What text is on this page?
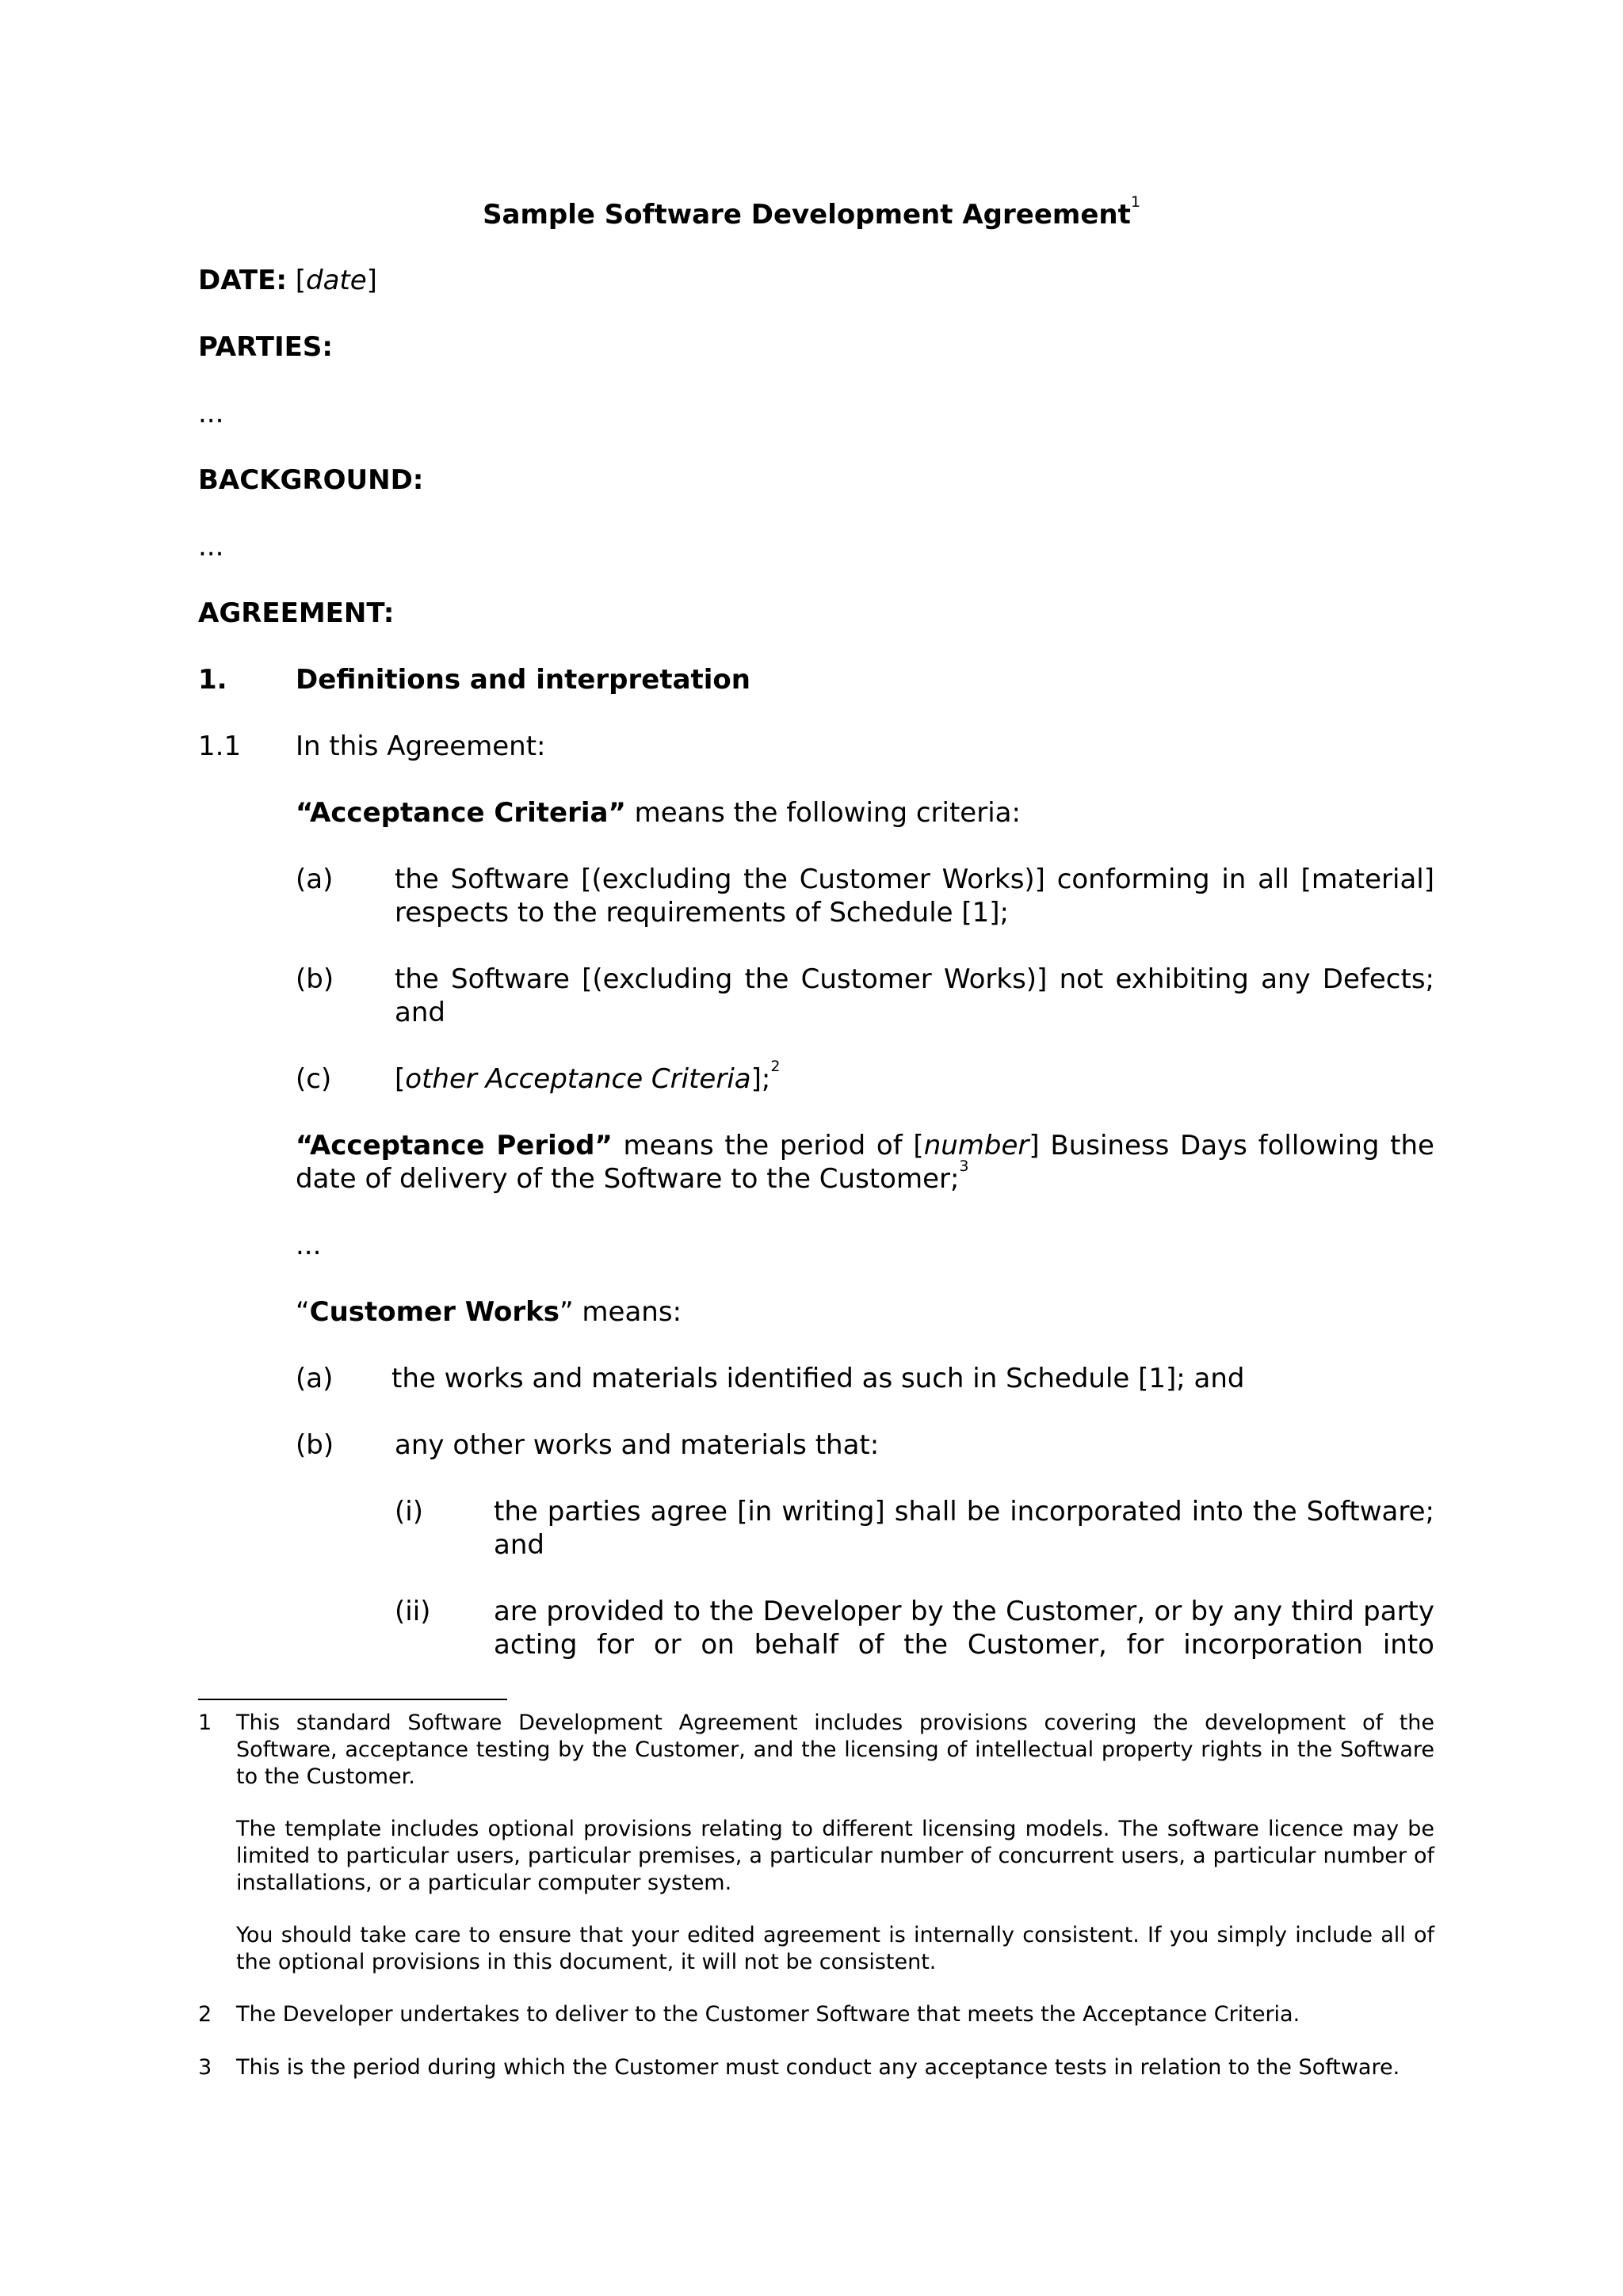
Sample Software Development Agreement$^1$
DATE: [date]
PARTIES:
...
BACKGROUND:
...
AGREEMENT:
1.	Definitions and interpretation
1.1 In this Agreement:
“Acceptance Criteria” means the following criteria:
(a) the Software [(excluding the Customer Works)] conforming in all [material] respects to the requirements of Schedule [1];
(b) the Software [(excluding the Customer Works)] not exhibiting any Defects; and
(c) [other Acceptance Criteria];$^2$
“Acceptance Period” means the period of [number] Business Days following the date of delivery of the Software to the Customer;$^3$
...
“Customer Works” means:
(a) the works and materials identified as such in Schedule [1]; and
(b) any other works and materials that:
(i)	the parties agree [in writing] shall be incorporated into the Software; and
(ii) are provided to the Developer by the Customer, or by any third party acting for or on behalf of the Customer, for incorporation into
1 This standard Software Development Agreement includes provisions covering the development of the Software, acceptance testing by the Customer, and the licensing of intellectual property rights in the Software to the Customer.
The template includes optional provisions relating to different licensing models. The software licence may be limited to particular users, particular premises, a particular number of concurrent users, a particular number of installations, or a particular computer system.
You should take care to ensure that your edited agreement is internally consistent. If you simply include all of the optional provisions in this document, it will not be consistent.
2 The Developer undertakes to deliver to the Customer Software that meets the Acceptance Criteria.
3 This is the period during which the Customer must conduct any acceptance tests in relation to the Software.
